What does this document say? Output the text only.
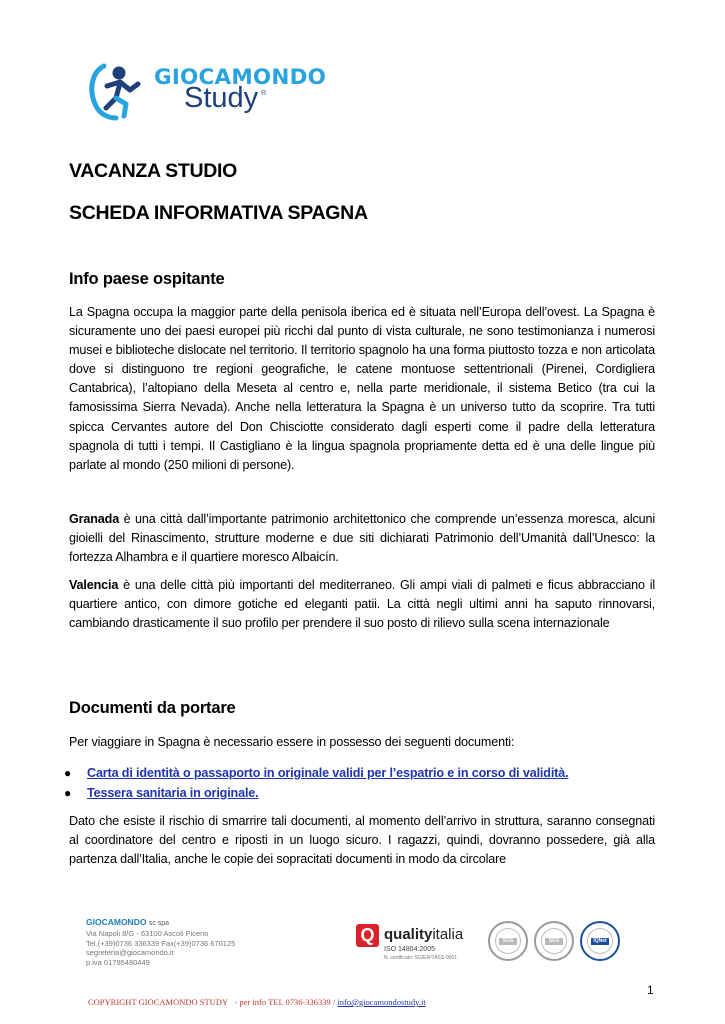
GIOCAMONDO
Study ®
VACANZA STUDIO
SCHEDA INFORMATIVA SPAGNA
Info paese ospitante

La Spagna occupa la maggior parte della penisola iberica ed è situata nell’Europa dell’ovest. La Spagna è sicuramente uno dei paesi europei più ricchi dal punto di vista culturale, ne sono testimonianza i numerosi musei e biblioteche dislocate nel territorio. Il territorio spagnolo ha una forma piuttosto tozza e non articolata dove si distinguono tre regioni geografiche, le catene montuose settentrionali (Pirenei, Cordigliera Cantabrica), l’altopiano della Meseta al centro e, nella parte meridionale, il sistema Betico (tra cui la famosissima Sierra Nevada). Anche nella letteratura la Spagna è un universo tutto da scoprire. Tra tutti spicca Cervantes autore del Don Chisciotte considerato dagli esperti come il padre della letteratura spagnola di tutti i tempi. Il Castigliano è la lingua spagnola propriamente detta ed è una delle lingue più parlate al mondo (250 milioni di persone).

Granada è una città dall’importante patrimonio architettonico che comprende un’essenza moresca, alcuni gioielli del Rinascimento, strutture moderne e due siti dichiarati Patrimonio dell’Umanità dall’Unesco: la fortezza Alhambra e il quartiere moresco Albaicín.

Valencia è una delle città più importanti del mediterraneo. Gli ampi viali di palmeti e ficus abbracciano il quartiere antico, con dimore gotiche ed eleganti patii. La città negli ultimi anni ha saputo rinnovarsi, cambiando drasticamente il suo profilo per prendere il suo posto di rilievo sulla scena internazionale

Documenti da portare

Per viaggiare in Spagna è necessario essere in possesso dei seguenti documenti:

● Carta di identità o passaporto in originale validi per l’espatrio e in corso di validità.
● Tessera sanitaria in originale.

Dato che esiste il rischio di smarrire tali documenti, al momento dell’arrivo in struttura, saranno consegnati al coordinatore del centro e riposti in un luogo sicuro. I ragazzi, quindi, dovranno possedere, già alla partenza dall’Italia, anche le copie dei sopracitati documenti in modo da circolare

GIOCAMONDO sc spa
Via Napoli 8/G - 63100 Ascoli Piceno
Tel.(+39)0736 336339 Fax(+39)0736 670125
segreteria@giocamondo.it
p.iva 01795480449
Q qualityitalia
ISO 14804:2005
N. certificato: SG/ER/TASS-0001
SGS	SGS	IQNet
1
COPYRIGHT GIOCAMONDO STUDY - per info TEL 0736-336339 / info@giocamondostudy.it
